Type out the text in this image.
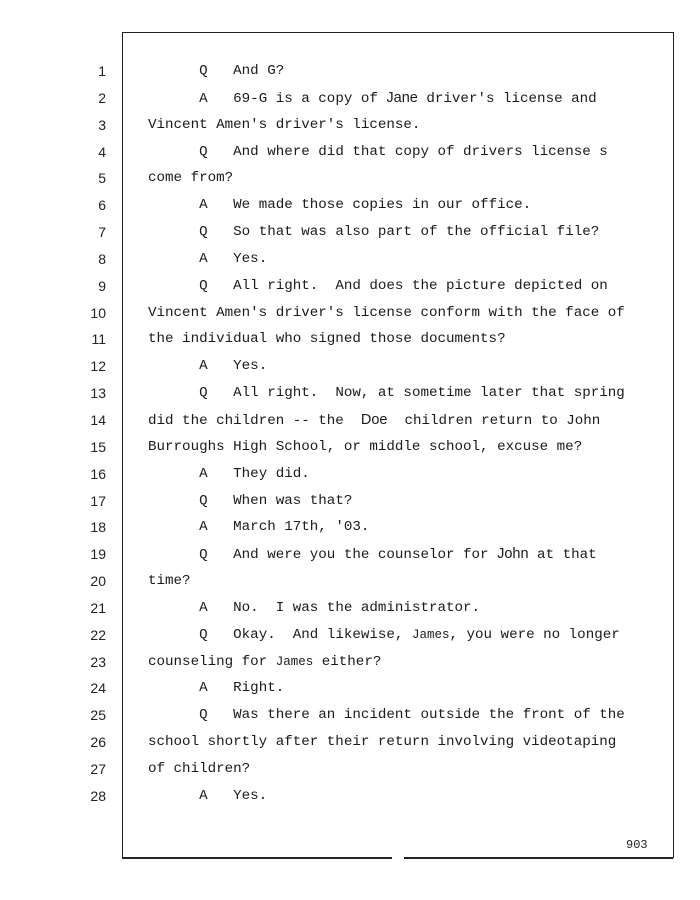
1
2
3
4
5
6
7
8
9
10
11
12
13
14
15
16
17
18
19
20
21
22
23
24
25
26
27
28
Q And G?
A 69-G is a copy of Jane driver's license and
Vincent Amen's driver's license.
Q And where did that copy of drivers license s
come from?
A We made those copies in our office.
Q So that was also part of the official file?
A Yes.
Q All right.  And does the picture depicted on
Vincent Amen's driver's license conform with the face of
the individual who signed those documents?
A Yes.
Q All right.  Now, at sometime later that spring
did the children -- the  Doe  children return to John
Burroughs High School, or middle school, excuse me?
A They did.
Q When was that?
A March 17th, '03.
Q And were you the counselor for John at that
time?
A No.  I was the administrator.
Q Okay.  And likewise, James, you were no longer
counseling for James either?
A Right.
Q Was there an incident outside the front of the
school shortly after their return involving videotaping
of children?
A Yes.
903
